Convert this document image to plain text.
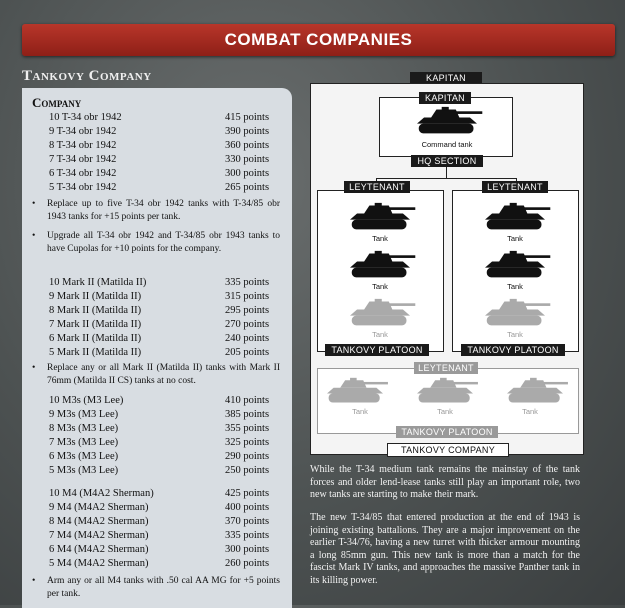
COMBAT COMPANIES
Tankovy Company
Company
10 T-34 obr 1942	415 points
9 T-34 obr 1942	390 points
8 T-34 obr 1942	360 points
7 T-34 obr 1942	330 points
6 T-34 obr 1942	300 points
5 T-34 obr 1942	265 points
• Replace up to five T-34 obr 1942 tanks with T-34/85 obr 1943 tanks for +15 points per tank.
• Upgrade all T-34 obr 1942 and T-34/85 obr 1943 tanks to have Cupolas for +10 points for the company.
10 Mark II (Matilda II)	335 points
9 Mark II (Matilda II)	315 points
8 Mark II (Matilda II)	295 points
7 Mark II (Matilda II)	270 points
6 Mark II (Matilda II)	240 points
5 Mark II (Matilda II)	205 points
• Replace any or all Mark II (Matilda II) tanks with Mark II 76mm (Matilda II CS) tanks at no cost.
10 M3s (M3 Lee)	410 points
9 M3s (M3 Lee)	385 points
8 M3s (M3 Lee)	355 points
7 M3s (M3 Lee)	325 points
6 M3s (M3 Lee)	290 points
5 M3s (M3 Lee)	250 points
10 M4 (M4A2 Sherman)	425 points
9 M4 (M4A2 Sherman)	400 points
8 M4 (M4A2 Sherman)	370 points
7 M4 (M4A2 Sherman)	335 points
6 M4 (M4A2 Sherman)	300 points
5 M4 (M4A2 Sherman)	260 points
• Arm any or all M4 tanks with .50 cal AA MG for +5 points per tank.
KAPITAN
KAPITAN
Command tank
HQ SECTION
LEYTENANT
Tank
Tank
Tank
TANKOVY PLATOON
LEYTENANT
Tank
Tank
Tank
TANKOVY PLATOON
LEYTENANT
Tank	Tank	Tank
TANKOVY PLATOON
TANKOVY COMPANY
While the T-34 medium tank remains the mainstay of the tank forces and older lend-lease tanks still play an important role, two new tanks are starting to make their mark.
The new T-34/85 that entered production at the end of 1943 is joining existing battalions. They are a major improvement on the earlier T-34/76, having a new turret with thicker armour mounting a long 85mm gun. This new tank is more than a match for the fascist Mark IV tanks, and approaches the massive Panther tank in its killing power.
